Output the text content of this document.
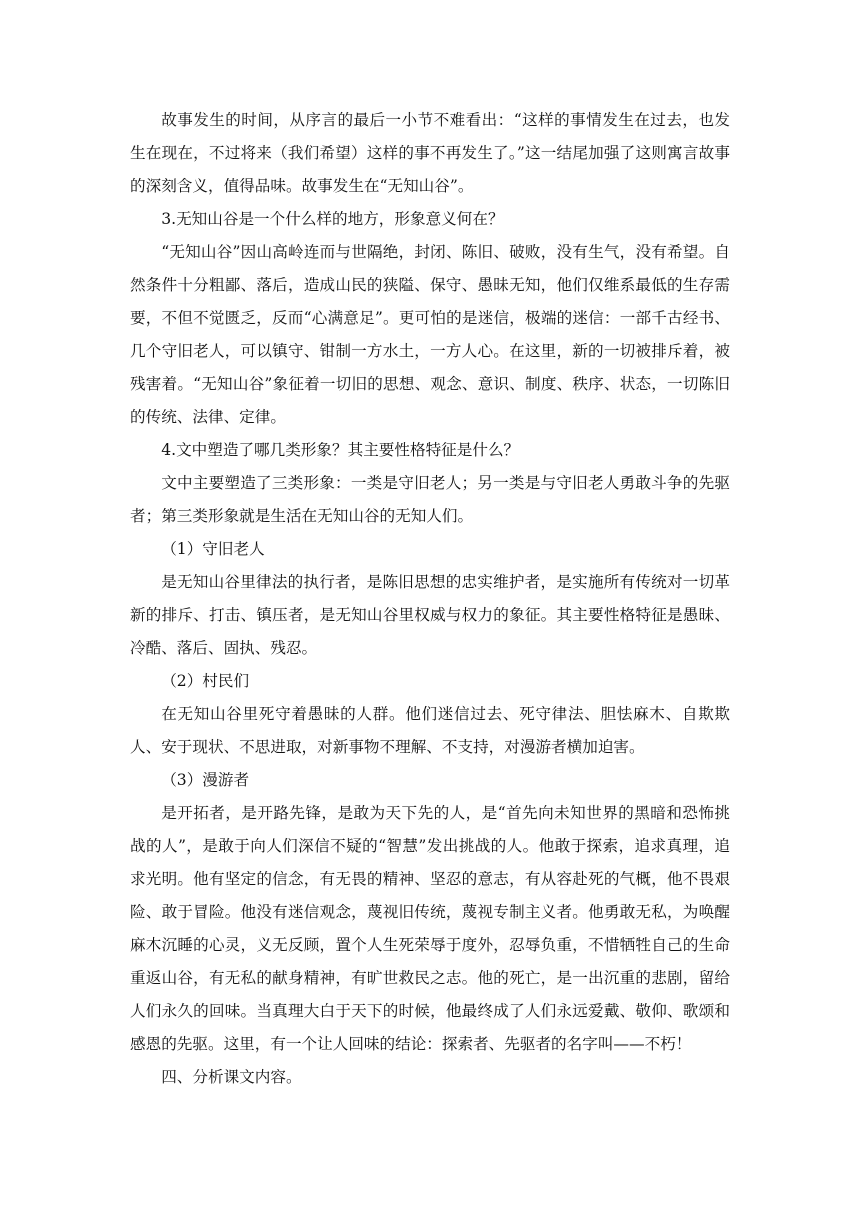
故事发生的时间，从序言的最后一小节不难看出：“这样的事情发生在过去，也发生在现在，不过将来（我们希望）这样的事不再发生了。”这一结尾加强了这则寓言故事的深刻含义，值得品味。故事发生在“无知山谷”。

3.无知山谷是一个什么样的地方，形象意义何在？

“无知山谷”因山高岭连而与世隔绝，封闭、陈旧、破败，没有生气，没有希望。自然条件十分粗鄙、落后，造成山民的狭隘、保守、愚昧无知，他们仅维系最低的生存需要，不但不觉匮乏，反而“心满意足”。更可怕的是迷信，极端的迷信：一部千古经书、几个守旧老人，可以镇守、钳制一方水土，一方人心。在这里，新的一切被排斥着，被残害着。“无知山谷”象征着一切旧的思想、观念、意识、制度、秩序、状态，一切陈旧的传统、法律、定律。

4.文中塑造了哪几类形象？其主要性格特征是什么？

文中主要塑造了三类形象：一类是守旧老人；另一类是与守旧老人勇敢斗争的先驱者；第三类形象就是生活在无知山谷的无知人们。

（1）守旧老人

是无知山谷里律法的执行者，是陈旧思想的忠实维护者，是实施所有传统对一切革新的排斥、打击、镇压者，是无知山谷里权威与权力的象征。其主要性格特征是愚昧、冷酷、落后、固执、残忍。

（2）村民们

在无知山谷里死守着愚昧的人群。他们迷信过去、死守律法、胆怯麻木、自欺欺人、安于现状、不思进取，对新事物不理解、不支持，对漫游者横加迫害。

（3）漫游者

是开拓者，是开路先锋，是敢为天下先的人，是“首先向未知世界的黑暗和恐怖挑战的人”，是敢于向人们深信不疑的“智慧”发出挑战的人。他敢于探索，追求真理，追求光明。他有坚定的信念，有无畏的精神、坚忍的意志，有从容赴死的气概，他不畏艰险、敢于冒险。他没有迷信观念，蔑视旧传统，蔑视专制主义者。他勇敢无私，为唤醒麻木沉睡的心灵，义无反顾，置个人生死荣辱于度外，忍辱负重，不惜牺牲自己的生命重返山谷，有无私的献身精神，有旷世救民之志。他的死亡，是一出沉重的悲剧，留给人们永久的回味。当真理大白于天下的时候，他最终成了人们永远爱戴、敬仰、歌颂和感恩的先驱。这里，有一个让人回味的结论：探索者、先驱者的名字叫——不朽！

四、分析课文内容。
